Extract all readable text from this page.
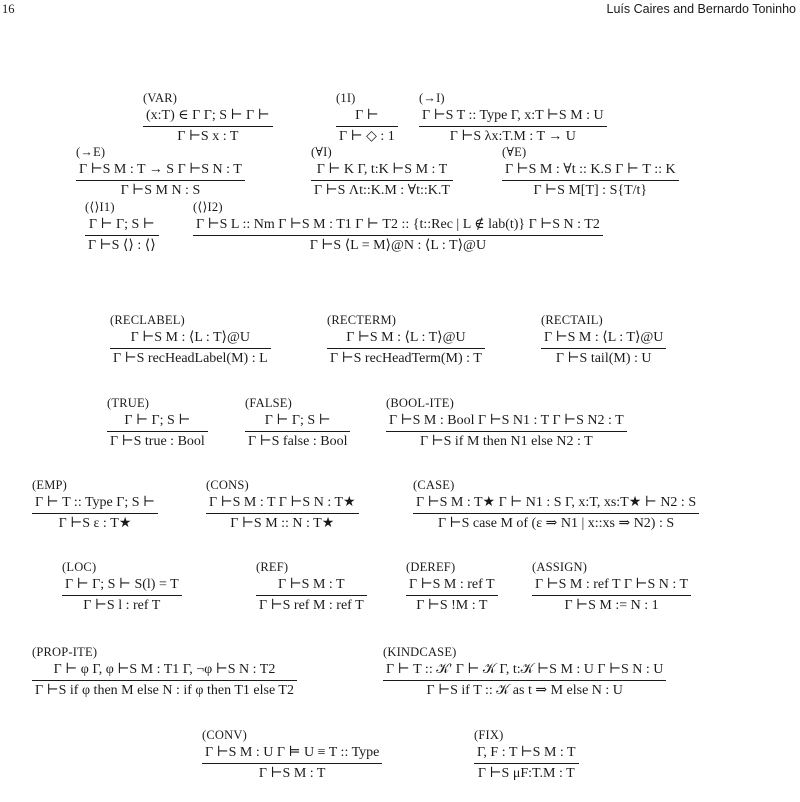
16	Luís Caires and Bernardo Toninho
(VAR)
$\frac{\text{(x:T) ∈ Γ Γ; S ⊢ Γ ⊢}}{\text{Γ ⊢S x : T}}$
(1I)
$\frac{\Gamma ⊢}{\Gamma ⊢ ◇ : 1}$
(→I)
$\frac{\text{Γ ⊢S T :: Type Γ, x:T ⊢S M : U}}{\text{Γ ⊢S λx:T.M : T → U}}$
(→E)
$\frac{\text{Γ ⊢S M : T → S Γ ⊢S N : T}}{\text{Γ ⊢S M N : S}}$
(∀I)
$\frac{\text{Γ ⊢ K Γ, t:K ⊢S M : T}}{\text{Γ ⊢S Λt::K.M : ∀t::K.T}}$
(∀E)
$\frac{\text{Γ ⊢S M : ∀t :: K.S Γ ⊢ T :: K}}{\text{Γ ⊢S M[T] : S\{T/t\}}}$
(⟨⟩I1)
$\frac{\Gamma ⊢ \Gamma; S ⊢}{\Gamma ⊢S ⟨⟩ : ⟨⟩}$
(⟨⟩I2)
Γ ⊢S L :: Nm Γ ⊢S M : T1 Γ ⊢ T2 :: {t::Rec | L ∉ lab(t)} Γ ⊢S N : T2
Γ ⊢S ⟨L = M⟩@N : ⟨L : T⟩@U
(RECLABEL)
$\frac{\text{Γ ⊢S M : ⟨L : T⟩@U}}{\text{Γ ⊢S recHeadLabel(M) : L}}$
(RECTERM)
$\frac{\text{Γ ⊢S M : ⟨L : T⟩@U}}{\text{Γ ⊢S recHeadTerm(M) : T}}$
(RECTAIL)
$\frac{\text{Γ ⊢S M : ⟨L : T⟩@U}}{\text{Γ ⊢S tail(M) : U}}$
(TRUE)
$\frac{\Gamma ⊢ \Gamma; S ⊢}{\text{Γ ⊢S true : Bool}}$
(FALSE)
$\frac{\Gamma ⊢ \Gamma; S ⊢}{\text{Γ ⊢S false : Bool}}$
(BOOL-ITE)
$\frac{\text{Γ ⊢S M : Bool Γ ⊢S N1 : T Γ ⊢S N2 : T}}{\text{Γ ⊢S if M then N1 else N2 : T}}$
(EMP)
$\frac{\text{Γ ⊢ T :: Type Γ; S ⊢}}{\text{Γ ⊢S ε : T★}}$
(CONS)
$\frac{\text{Γ ⊢S M : T Γ ⊢S N : T★}}{\text{Γ ⊢S M :: N : T★}}$
(CASE)
$\frac{\text{Γ ⊢S M : T★ Γ ⊢ N1 : S Γ, x:T, xs:T★ ⊢ N2 : S}}{\text{Γ ⊢S case M of (ε ⇒ N1 | x::xs ⇒ N2) : S}}$
(LOC)
$\frac{\Gamma ⊢ \Gamma; S ⊢ S(l) = T}{\text{Γ ⊢S l : ref T}}$
(REF)
$\frac{\text{Γ ⊢S M : T}}{\text{Γ ⊢S ref M : ref T}}$
(DEREF)
$\frac{\text{Γ ⊢S M : ref T}}{\Gamma ⊢S !M : T}$
(ASSIGN)
$\frac{\text{Γ ⊢S M : ref T Γ ⊢S N : T}}{\text{Γ ⊢S M := N : 1}}$
(PROP-ITE)
$\frac{\text{Γ ⊢ φ Γ, φ ⊢S M : T1 Γ, ¬φ ⊢S N : T2}}{\text{Γ ⊢S if φ then M else N : if φ then T1 else T2}}$
(KINDCASE)
$\frac{\text{Γ ⊢ T :: 𝒦′ Γ ⊢ 𝒦 Γ, t:𝒦 ⊢S M : U Γ ⊢S N : U}}{\text{Γ ⊢S if T :: 𝒦 as t ⇒ M else N : U}}$
(CONV)
$\frac{\text{Γ ⊢S M : U Γ ⊨ U ≡ T :: Type}}{\text{Γ ⊢S M : T}}$
(FIX)
$\frac{\text{Γ, F : T ⊢S M : T}}{\text{Γ ⊢S μF:T.M : T}}$
